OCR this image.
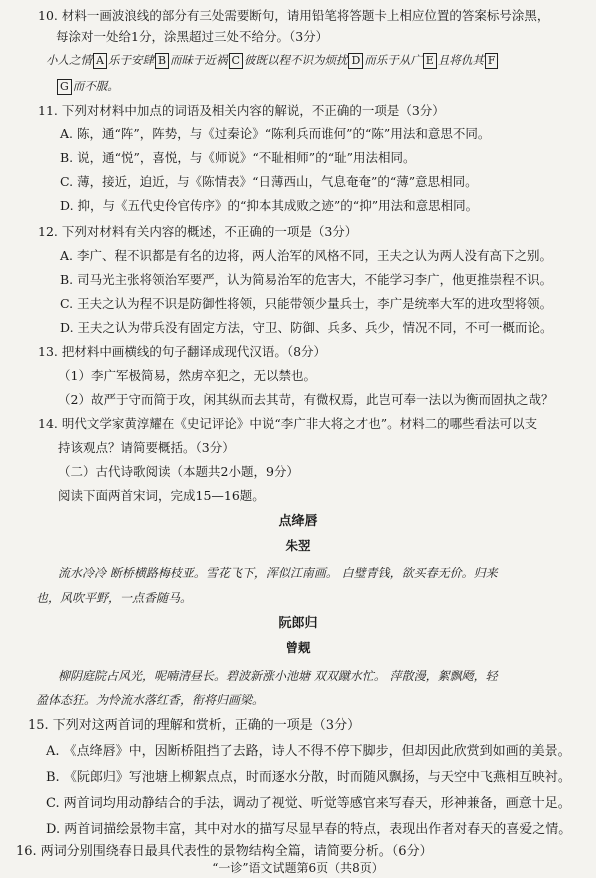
10. 材料一画波浪线的部分有三处需要断句，请用铅笔将答题卡上相应位置的答案标号涂黑，
每涂对一处给1分，涂黑超过三处不给分。（3分）
小人之情 A 乐于安肆 B 而昧于近祸 C 彼既以程不识为烦扰 D 而乐于从广 E 且将仇其 F
G 而不服。
11. 下列对材料中加点的词语及相关内容的解说，不正确的一项是（3分）
A. 陈，通“阵”，阵势，与《过秦论》“陈利兵而谁何”的“陈”用法和意思不同。
B. 说，通“悦”，喜悦，与《师说》“不耻相师”的“耻”用法相同。
C. 薄，接近，迫近，与《陈情表》“日薄西山，气息奄奄”的“薄”意思相同。
D. 抑，与《五代史伶官传序》的“抑本其成败之迹”的“抑”用法和意思相同。
12. 下列对材料有关内容的概述，不正确的一项是（3分）
A. 李广、程不识都是有名的边将，两人治军的风格不同，王夫之认为两人没有高下之别。
B. 司马光主张将领治军要严，认为简易治军的危害大，不能学习李广，他更推崇程不识。
C. 王夫之认为程不识是防御性将领，只能带领少量兵士，李广是统率大军的进攻型将领。
D. 王夫之认为带兵没有固定方法，守卫、防御、兵多、兵少，情况不同，不可一概而论。
13. 把材料中画横线的句子翻译成现代汉语。（8分）
（1）李广军极简易，然虏卒犯之，无以禁也。
（2）故严于守而简于攻，闲其纵而去其苛，有微权焉，此岂可奉一法以为衡而固执之哉？
14. 明代文学家黄淳耀在《史记评论》中说“李广非大将之才也”。材料二的哪些看法可以支
持该观点？请简要概括。（3分）
（二）古代诗歌阅读（本题共2小题，9分）
阅读下面两首宋词，完成15—16题。
点绛唇
朱翌
流水冷冷 断桥横路梅枝亚。雪花飞下，浑似江南画。 白璧青钱，欲买春无价。归来
也，风吹平野，一点香随马。
阮郎归
曾觌
柳阴庭院占风光，呢喃清昼长。碧波新涨小池塘 双双蹴水忙。 萍散漫，絮飘飏，轻
盈体态狂。为怜流水落红香，衔将归画梁。
15. 下列对这两首词的理解和赏析，正确的一项是（3分）
A. 《点绛唇》中，因断桥阻挡了去路，诗人不得不停下脚步，但却因此欣赏到如画的美景。
B. 《阮郎归》写池塘上柳絮点点，时而逐水分散，时而随风飘扬，与天空中飞燕相互映衬。
C. 两首词均用动静结合的手法，调动了视觉、听觉等感官来写春天，形神兼备，画意十足。
D. 两首词描绘景物丰富，其中对水的描写尽显早春的特点，表现出作者对春天的喜爱之情。
16. 两词分别围绕春日最具代表性的景物结构全篇，请简要分析。（6分）
“一诊”语文试题第6页（共8页）
